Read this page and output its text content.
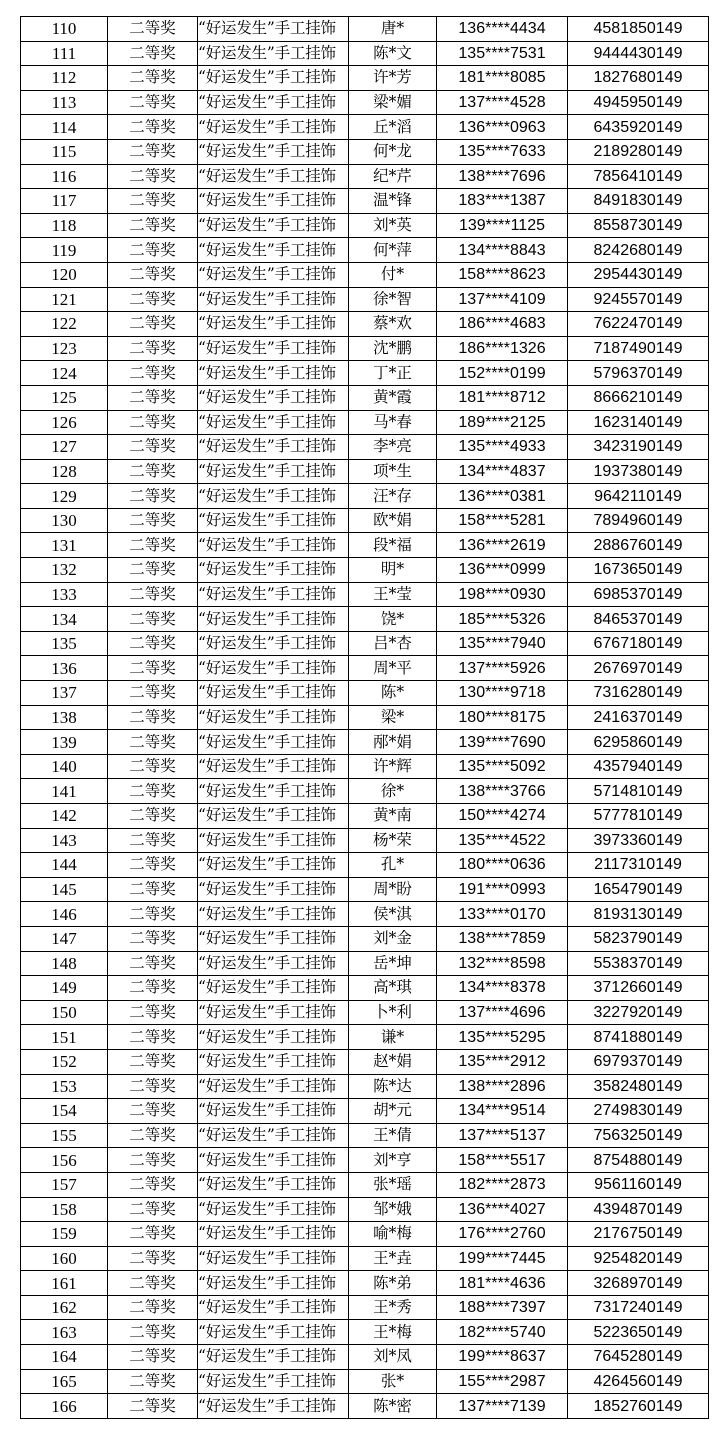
110	二等奖	“好运发生”手工挂饰	唐*	136****4434	4581850149
111	二等奖	“好运发生”手工挂饰	陈*文	135****7531	9444430149
112	二等奖	“好运发生”手工挂饰	许*芳	181****8085	1827680149
113	二等奖	“好运发生”手工挂饰	梁*媚	137****4528	4945950149
114	二等奖	“好运发生”手工挂饰	丘*滔	136****0963	6435920149
115	二等奖	“好运发生”手工挂饰	何*龙	135****7633	2189280149
116	二等奖	“好运发生”手工挂饰	纪*芹	138****7696	7856410149
117	二等奖	“好运发生”手工挂饰	温*锋	183****1387	8491830149
118	二等奖	“好运发生”手工挂饰	刘*英	139****1125	8558730149
119	二等奖	“好运发生”手工挂饰	何*萍	134****8843	8242680149
120	二等奖	“好运发生”手工挂饰	付*	158****8623	2954430149
121	二等奖	“好运发生”手工挂饰	徐*智	137****4109	9245570149
122	二等奖	“好运发生”手工挂饰	蔡*欢	186****4683	7622470149
123	二等奖	“好运发生”手工挂饰	沈*鹏	186****1326	7187490149
124	二等奖	“好运发生”手工挂饰	丁*正	152****0199	5796370149
125	二等奖	“好运发生”手工挂饰	黄*霞	181****8712	8666210149
126	二等奖	“好运发生”手工挂饰	马*春	189****2125	1623140149
127	二等奖	“好运发生”手工挂饰	李*亮	135****4933	3423190149
128	二等奖	“好运发生”手工挂饰	项*生	134****4837	1937380149
129	二等奖	“好运发生”手工挂饰	汪*存	136****0381	9642110149
130	二等奖	“好运发生”手工挂饰	欧*娟	158****5281	7894960149
131	二等奖	“好运发生”手工挂饰	段*福	136****2619	2886760149
132	二等奖	“好运发生”手工挂饰	明*	136****0999	1673650149
133	二等奖	“好运发生”手工挂饰	王*莹	198****0930	6985370149
134	二等奖	“好运发生”手工挂饰	饶*	185****5326	8465370149
135	二等奖	“好运发生”手工挂饰	吕*杏	135****7940	6767180149
136	二等奖	“好运发生”手工挂饰	周*平	137****5926	2676970149
137	二等奖	“好运发生”手工挂饰	陈*	130****9718	7316280149
138	二等奖	“好运发生”手工挂饰	梁*	180****8175	2416370149
139	二等奖	“好运发生”手工挂饰	邴*娟	139****7690	6295860149
140	二等奖	“好运发生”手工挂饰	许*辉	135****5092	4357940149
141	二等奖	“好运发生”手工挂饰	徐*	138****3766	5714810149
142	二等奖	“好运发生”手工挂饰	黄*南	150****4274	5777810149
143	二等奖	“好运发生”手工挂饰	杨*荣	135****4522	3973360149
144	二等奖	“好运发生”手工挂饰	孔*	180****0636	2117310149
145	二等奖	“好运发生”手工挂饰	周*盼	191****0993	1654790149
146	二等奖	“好运发生”手工挂饰	侯*淇	133****0170	8193130149
147	二等奖	“好运发生”手工挂饰	刘*金	138****7859	5823790149
148	二等奖	“好运发生”手工挂饰	岳*坤	132****8598	5538370149
149	二等奖	“好运发生”手工挂饰	高*琪	134****8378	3712660149
150	二等奖	“好运发生”手工挂饰	卜*利	137****4696	3227920149
151	二等奖	“好运发生”手工挂饰	谦*	135****5295	8741880149
152	二等奖	“好运发生”手工挂饰	赵*娟	135****2912	6979370149
153	二等奖	“好运发生”手工挂饰	陈*达	138****2896	3582480149
154	二等奖	“好运发生”手工挂饰	胡*元	134****9514	2749830149
155	二等奖	“好运发生”手工挂饰	王*倩	137****5137	7563250149
156	二等奖	“好运发生”手工挂饰	刘*亨	158****5517	8754880149
157	二等奖	“好运发生”手工挂饰	张*瑶	182****2873	9561160149
158	二等奖	“好运发生”手工挂饰	邹*娥	136****4027	4394870149
159	二等奖	“好运发生”手工挂饰	喻*梅	176****2760	2176750149
160	二等奖	“好运发生”手工挂饰	王*垚	199****7445	9254820149
161	二等奖	“好运发生”手工挂饰	陈*弟	181****4636	3268970149
162	二等奖	“好运发生”手工挂饰	王*秀	188****7397	7317240149
163	二等奖	“好运发生”手工挂饰	王*梅	182****5740	5223650149
164	二等奖	“好运发生”手工挂饰	刘*凤	199****8637	7645280149
165	二等奖	“好运发生”手工挂饰	张*	155****2987	4264560149
166	二等奖	“好运发生”手工挂饰	陈*密	137****7139	1852760149
